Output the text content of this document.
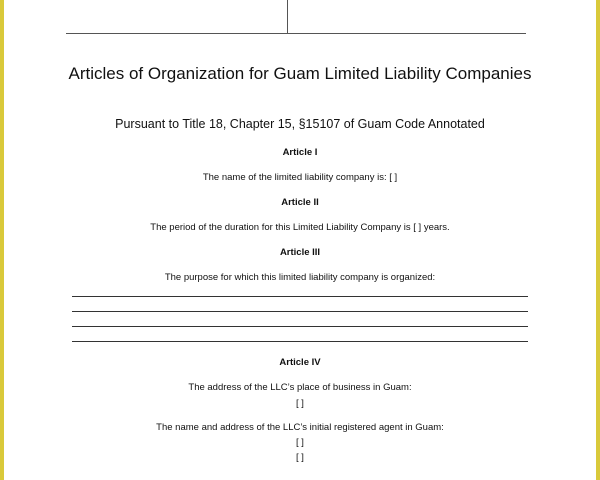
Articles of Organization for Guam Limited Liability Companies
Pursuant to Title 18, Chapter 15, §15107 of Guam Code Annotated
Article I
The name of the limited liability company is: [ ]
Article II
The period of the duration for this Limited Liability Company is [ ] years.
Article III
The purpose for which this limited liability company is organized:
Article IV
The address of the LLC’s place of business in Guam:
[ ]
The name and address of the LLC’s initial registered agent in Guam:
[ ]
[ ]
